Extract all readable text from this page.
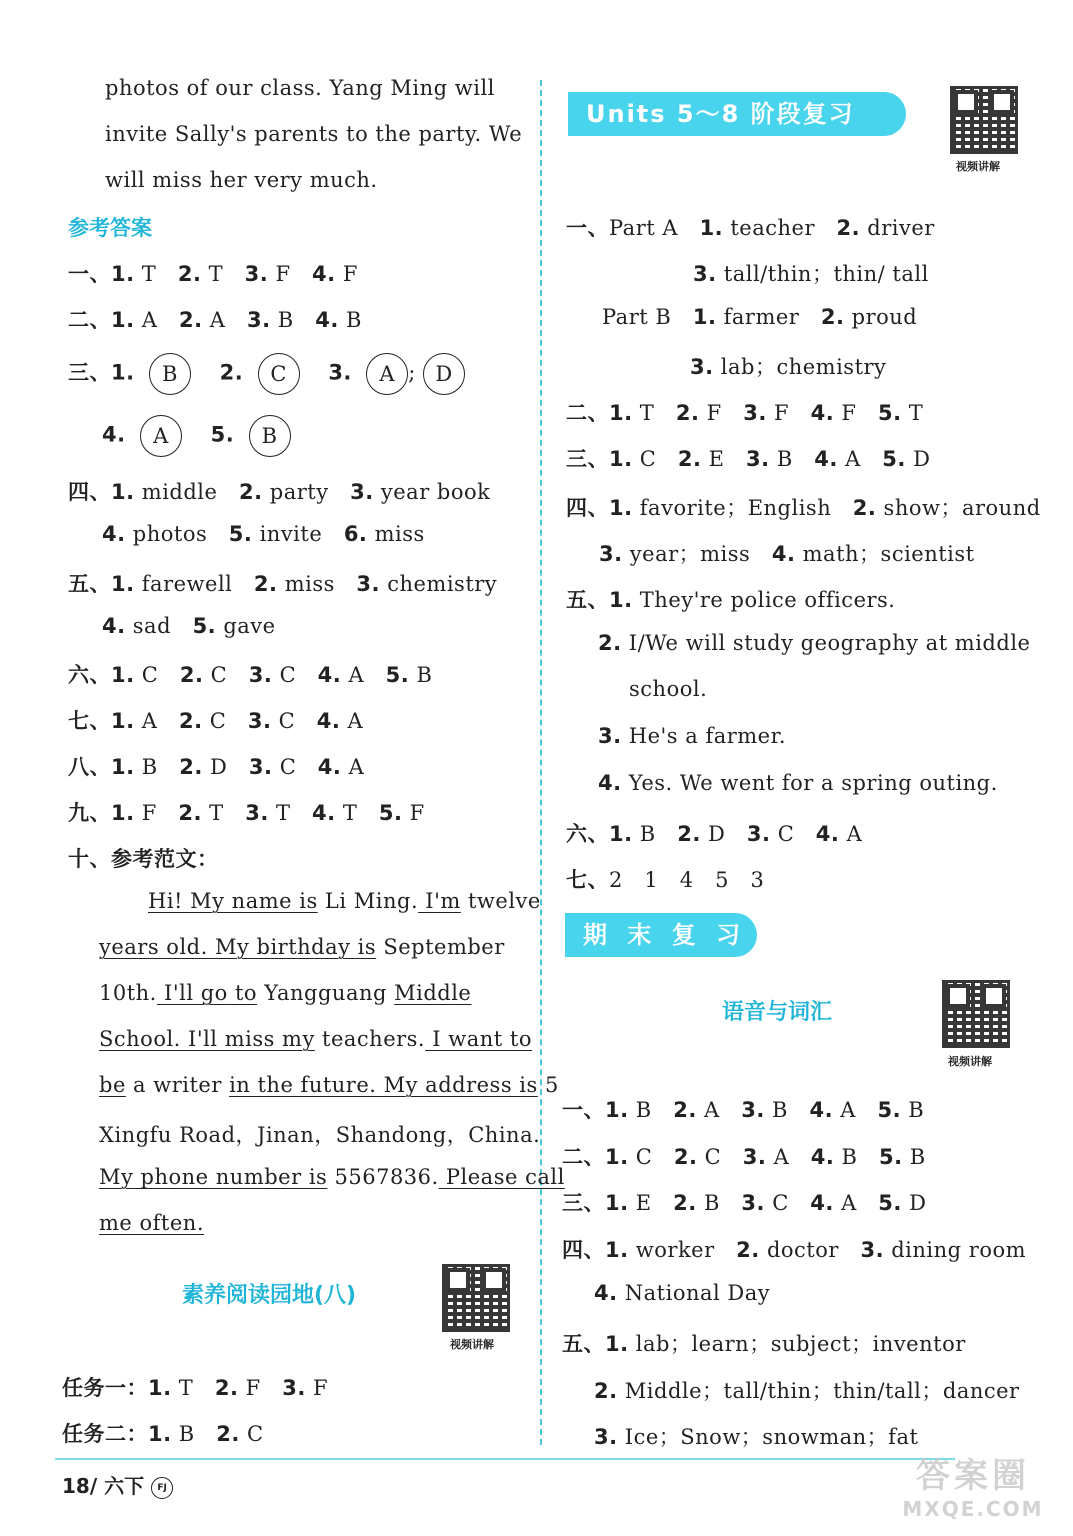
photos of our class. Yang Ming will
invite Sally's parents to the party. We
will miss her very much.
参考答案
一、1. T 2. T 3. F 4. F
二、1. A 2. A 3. B 4. B
三、1. B 2. C 3. A ; D
4. A 5. B
四、1. middle 2. party 3. year book
4. photos 5. invite 6. miss
五、1. farewell 2. miss 3. chemistry
4. sad 5. gave
六、1. C 2. C 3. C 4. A 5. B
七、1. A 2. C 3. C 4. A
八、1. B 2. D 3. C 4. A
九、1. F 2. T 3. T 4. T 5. F
十、参考范文：
Hi! My name is Li Ming. I'm twelve
years old. My birthday is September
10th. I'll go to Yangguang Middle
School. I'll miss my teachers. I want to
be a writer in the future. My address is 5
Xingfu Road，Jinan，Shandong，China.
My phone number is 5567836. Please call
me often.
素养阅读园地(八)
视频讲解
任务一：1. T 2. F 3. F
任务二：1. B 2. C
Units 5～8 阶段复习
视频讲解
一、Part A 1. teacher 2. driver
3. tall/thin；thin/ tall
Part B 1. farmer 2. proud
3. lab；chemistry
二、1. T 2. F 3. F 4. F 5. T
三、1. C 2. E 3. B 4. A 5. D
四、1. favorite；English 2. show；around
3. year；miss 4. math；scientist
五、1. They're police officers.
2. I/We will study geography at middle
school.
3. He's a farmer.
4. Yes. We went for a spring outing.
六、1. B 2. D 3. C 4. A
七、2   1   4   5   3
期 末 复 习
语音与词汇
视频讲解
一、1. B 2. A 3. B 4. A 5. B
二、1. C 2. C 3. A 4. B 5. B
三、1. E 2. B 3. C 4. A 5. D
四、1. worker 2. doctor 3. dining room
4. National Day
五、1. lab；learn；subject；inventor
2. Middle；tall/thin；thin/tall；dancer
3. Ice；Snow；snowman；fat
18/ 六下 FJ	答案圈
MXQE.COM
